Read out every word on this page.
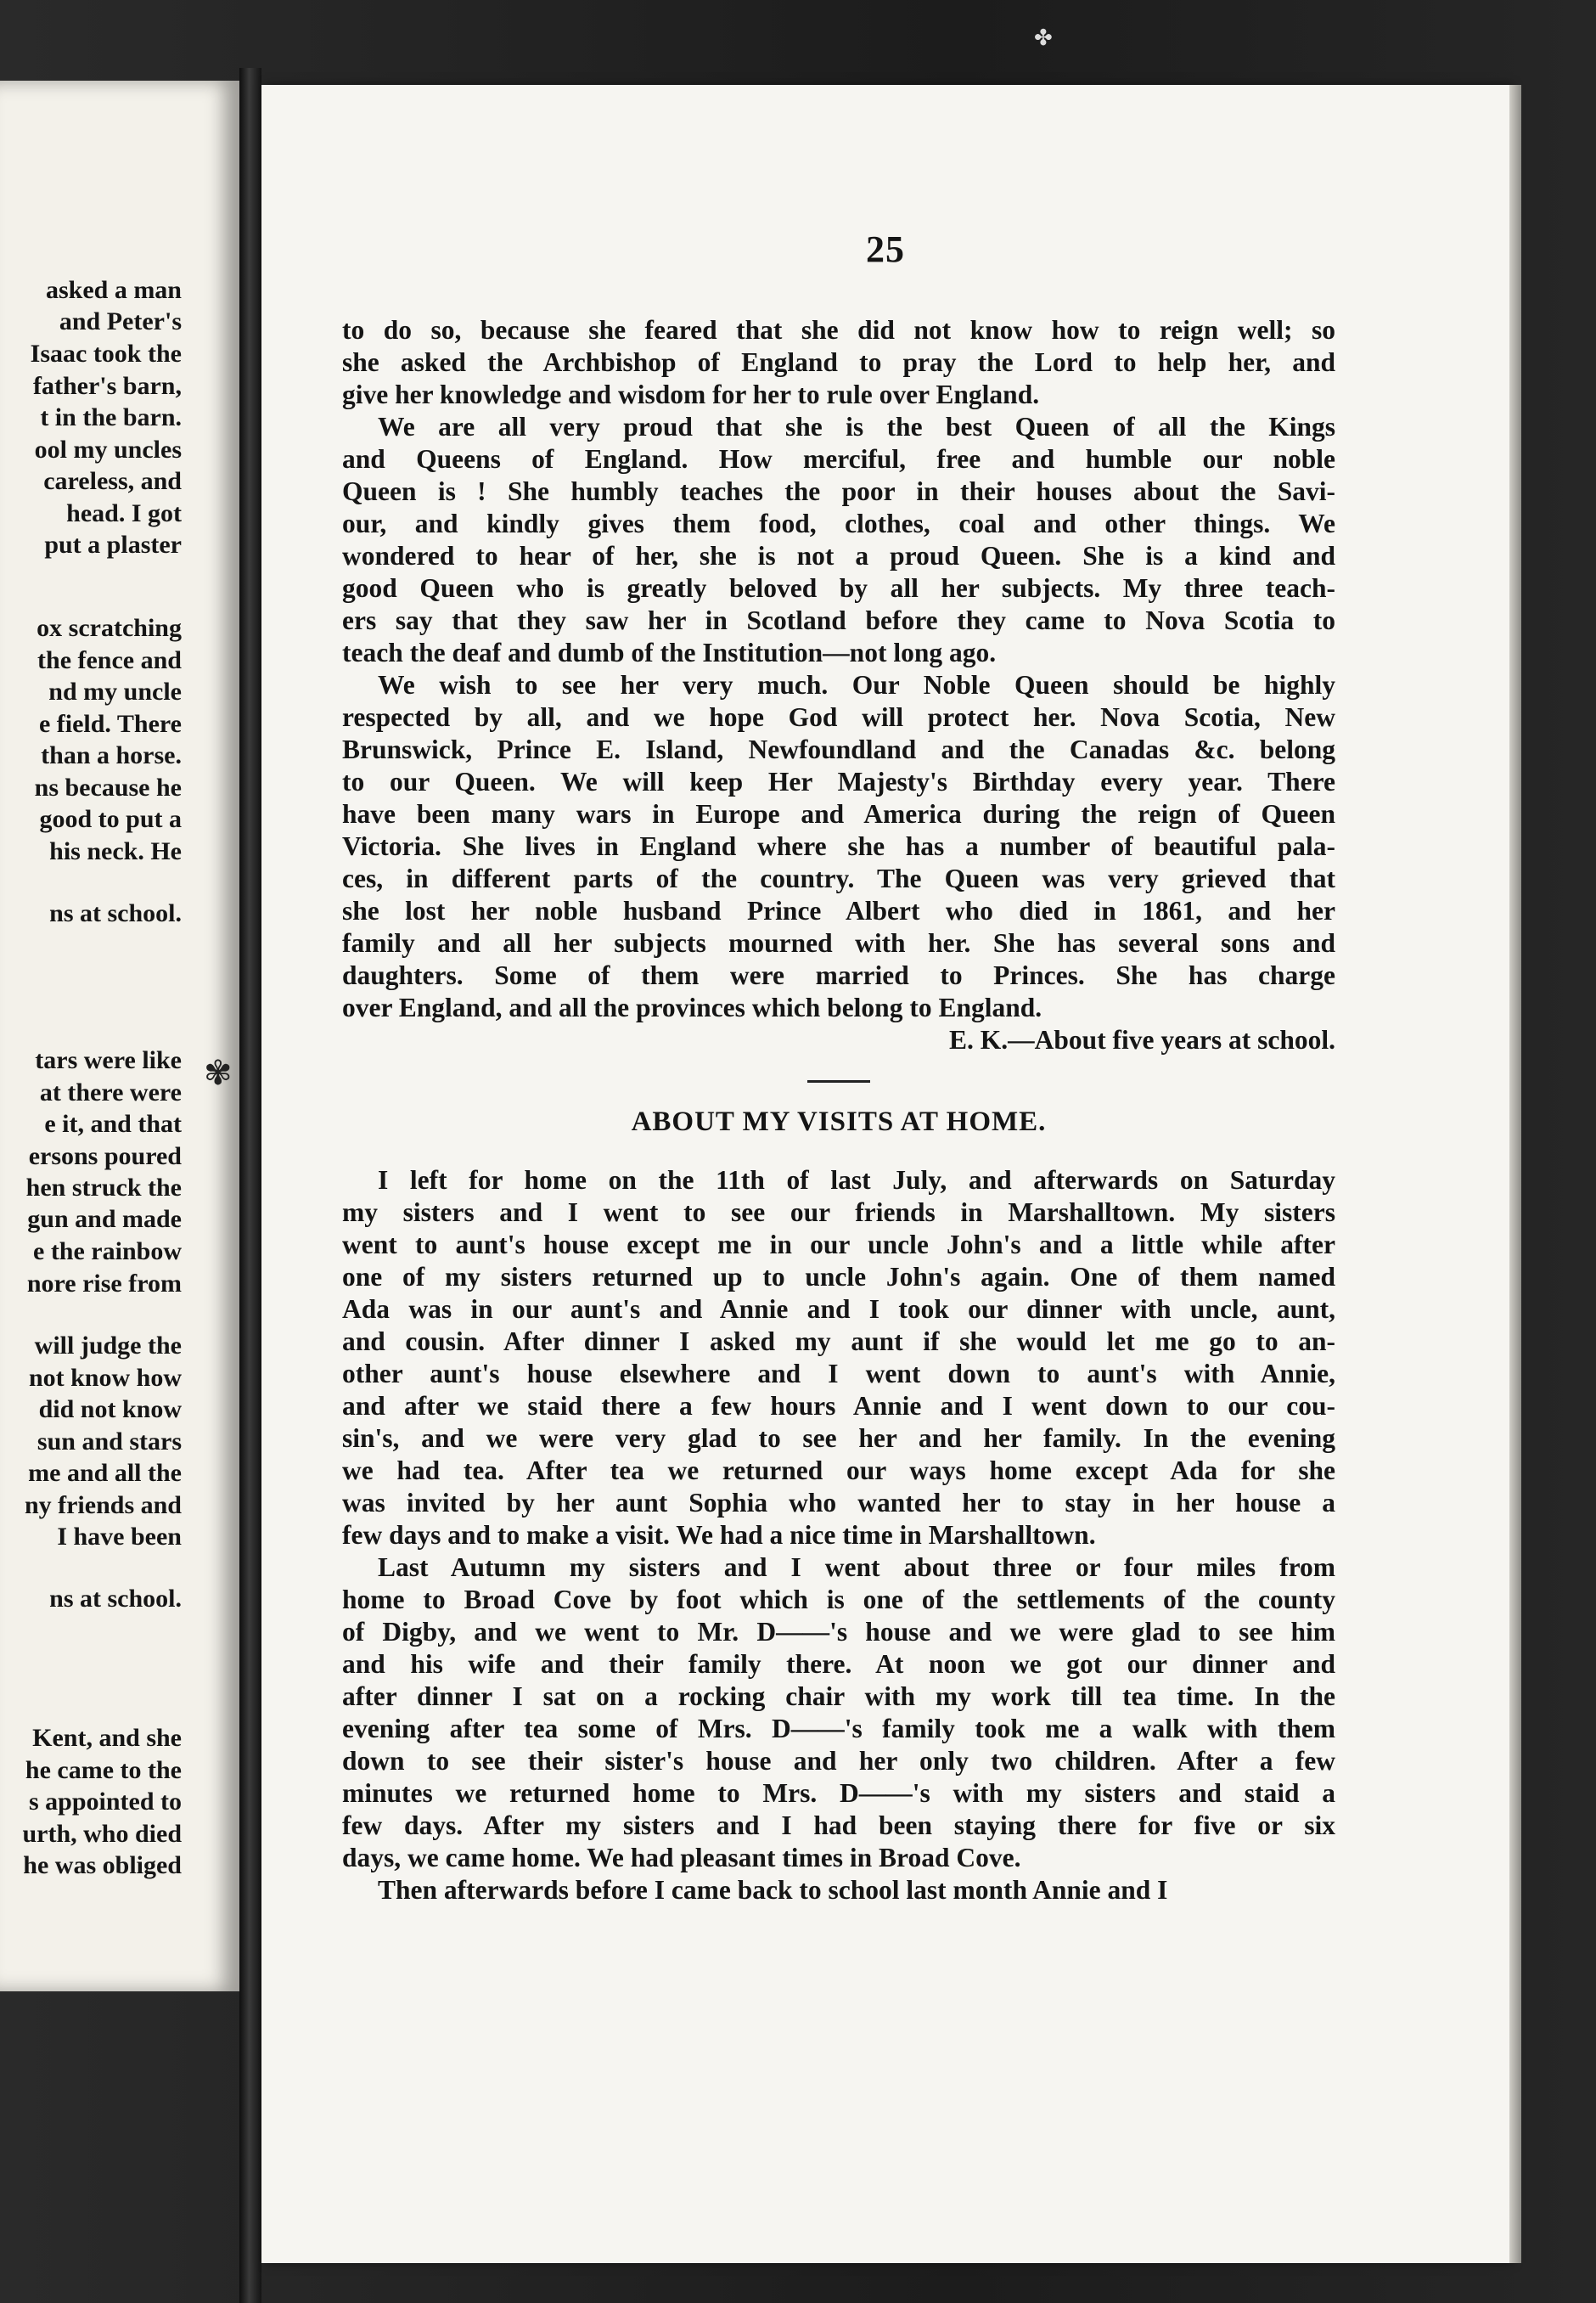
✤
asked a man
and Peter's
Isaac took the
father's barn,
t in the barn.
ool my uncles
careless, and
head. I got
put a plaster
ox scratching
the fence and
nd my uncle
e field. There
than a horse.
ns because he
good to put a
his neck. He
ns at school.
tars were like
at there were
e it, and that
ersons poured
hen struck the
gun and made
e the rainbow
nore rise from
will judge the
not know how
did not know
sun and stars
me and all the
ny friends and
I have been
ns at school.
Kent, and she
he came to the
s appointed to
urth, who died
he was obliged
✾
25
to do so, because she feared that she did not know how to reign well; so
she asked the Archbishop of England to pray the Lord to help her, and
give her knowledge and wisdom for her to rule over England.
We are all very proud that she is the best Queen of all the Kings
and Queens of England. How merciful, free and humble our noble
Queen is ! She humbly teaches the poor in their houses about the Savi-
our, and kindly gives them food, clothes, coal and other things. We
wondered to hear of her, she is not a proud Queen. She is a kind and
good Queen who is greatly beloved by all her subjects. My three teach-
ers say that they saw her in Scotland before they came to Nova Scotia to
teach the deaf and dumb of the Institution—not long ago.
We wish to see her very much. Our Noble Queen should be highly
respected by all, and we hope God will protect her. Nova Scotia, New
Brunswick, Prince E. Island, Newfoundland and the Canadas &c. belong
to our Queen. We will keep Her Majesty's Birthday every year. There
have been many wars in Europe and America during the reign of Queen
Victoria. She lives in England where she has a number of beautiful pala-
ces, in different parts of the country. The Queen was very grieved that
she lost her noble husband Prince Albert who died in 1861, and her
family and all her subjects mourned with her. She has several sons and
daughters. Some of them were married to Princes. She has charge
over England, and all the provinces which belong to England.
E. K.—About five years at school.
ABOUT MY VISITS AT HOME.
I left for home on the 11th of last July, and afterwards on Saturday
my sisters and I went to see our friends in Marshalltown. My sisters
went to aunt's house except me in our uncle John's and a little while after
one of my sisters returned up to uncle John's again. One of them named
Ada was in our aunt's and Annie and I took our dinner with uncle, aunt,
and cousin. After dinner I asked my aunt if she would let me go to an-
other aunt's house elsewhere and I went down to aunt's with Annie,
and after we staid there a few hours Annie and I went down to our cou-
sin's, and we were very glad to see her and her family. In the evening
we had tea. After tea we returned our ways home except Ada for she
was invited by her aunt Sophia who wanted her to stay in her house a
few days and to make a visit. We had a nice time in Marshalltown.
Last Autumn my sisters and I went about three or four miles from
home to Broad Cove by foot which is one of the settlements of the county
of Digby, and we went to Mr. D——'s house and we were glad to see him
and his wife and their family there. At noon we got our dinner and
after dinner I sat on a rocking chair with my work till tea time. In the
evening after tea some of Mrs. D——'s family took me a walk with them
down to see their sister's house and her only two children. After a few
minutes we returned home to Mrs. D——'s with my sisters and staid a
few days. After my sisters and I had been staying there for five or six
days, we came home. We had pleasant times in Broad Cove.
Then afterwards before I came back to school last month Annie and I
